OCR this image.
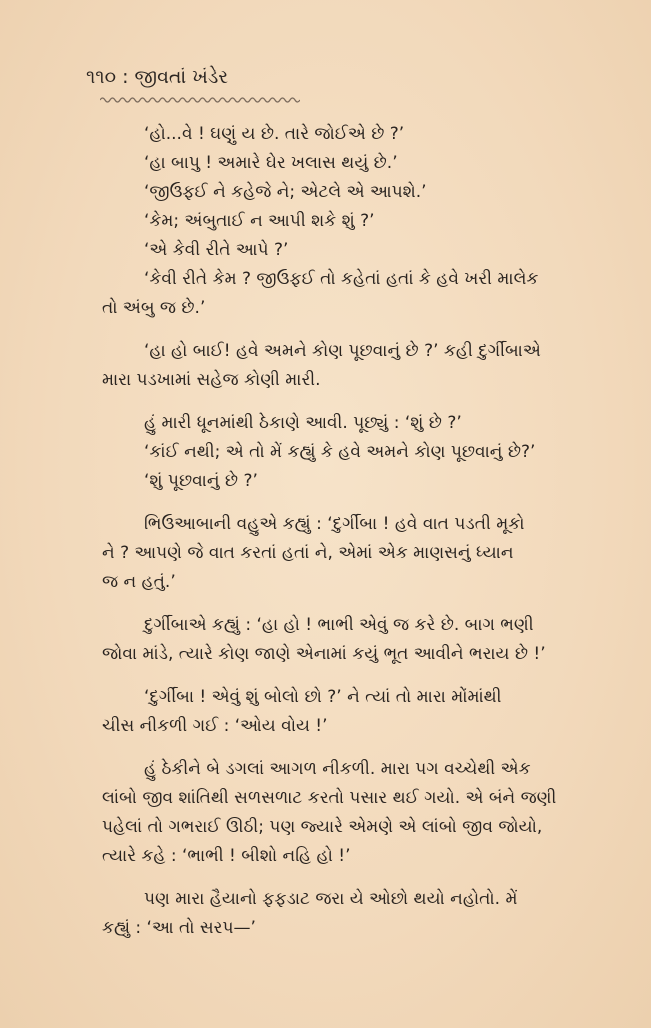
૧૧૦ : જીવતાં ખંડેર
‘હો...વે ! ઘણું ય છે. તારે જોઈએ છે ?’
‘હા બાપુ ! અમારે ઘેર ખલાસ થયું છે.’
‘જીઉફઈ ને કહેજે ને; એટલે એ આપશે.’
‘કેમ; અંબુતાઈ ન આપી શકે શું ?’
‘એ કેવી રીતે આપે ?’
‘કેવી રીતે કેમ ? જીઉફઈ તો કહેતાં હતાં કે હવે ખરી માલેક
તો અંબુ જ છે.’
‘હા હો બાઈ! હવે અમને કોણ પૂછવાનું છે ?’ કહી દુર્ગીબાએ
મારા પડખામાં સહેજ કોણી મારી.
હું મારી ધૂનમાંથી ઠેકાણે આવી. પૂછ્યું : ‘શું છે ?’
‘કાંઈ નથી; એ તો મેં કહ્યું કે હવે અમને કોણ પૂછવાનું છે?’
‘શું પૂછવાનું છે ?’
ભિઉઆબાની વહુએ કહ્યું : ‘દુર્ગીબા ! હવે વાત પડતી મૂકો
ને ? આપણે જે વાત કરતાં હતાં ને, એમાં એક માણસનું ધ્યાન
જ ન હતું.’
દુર્ગીબાએ કહ્યું : ‘હા હો ! ભાભી એવું જ કરે છે. બાગ ભણી
જોવા માંડે, ત્યારે કોણ જાણે એનામાં કયું ભૂત આવીને ભરાય છે !’
‘દુર્ગીબા ! એવું શું બોલો છો ?’ ને ત્યાં તો મારા મોંમાંથી
ચીસ નીકળી ગઈ : ‘ઓય વોય !’
હું ઠેકીને બે ડગલાં આગળ નીકળી. મારા પગ વચ્ચેથી એક
લાંબો જીવ શાંતિથી સળસળાટ કરતો પસાર થઈ ગયો. એ બંને જણી
પહેલાં તો ગભરાઈ ઊઠી; પણ જ્યારે એમણે એ લાંબો જીવ જોયો,
ત્યારે કહે : ‘ભાભી ! બીશો નહિ હો !’
પણ મારા હૈયાનો ફફડાટ જરા યે ઓછો થયો નહોતો. મેં
કહ્યું : ‘આ તો સરપ—’
